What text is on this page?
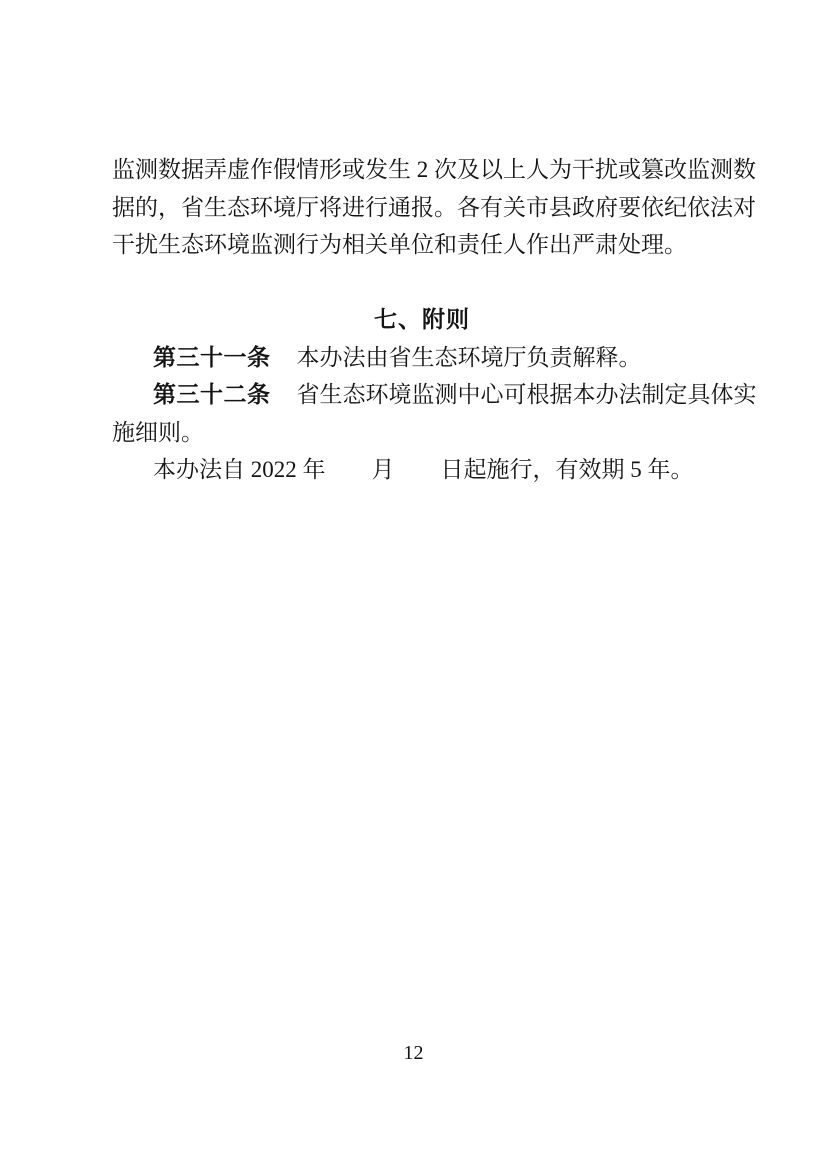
监测数据弄虚作假情形或发生 2 次及以上人为干扰或篡改监测数
据的，省生态环境厅将进行通报。各有关市县政府要依纪依法对
干扰生态环境监测行为相关单位和责任人作出严肃处理。
七、附则
第三十一条 本办法由省生态环境厅负责解释。
第三十二条 省生态环境监测中心可根据本办法制定具体实
施细则。
本办法自 2022 年　　月　　日起施行，有效期 5 年。
12
